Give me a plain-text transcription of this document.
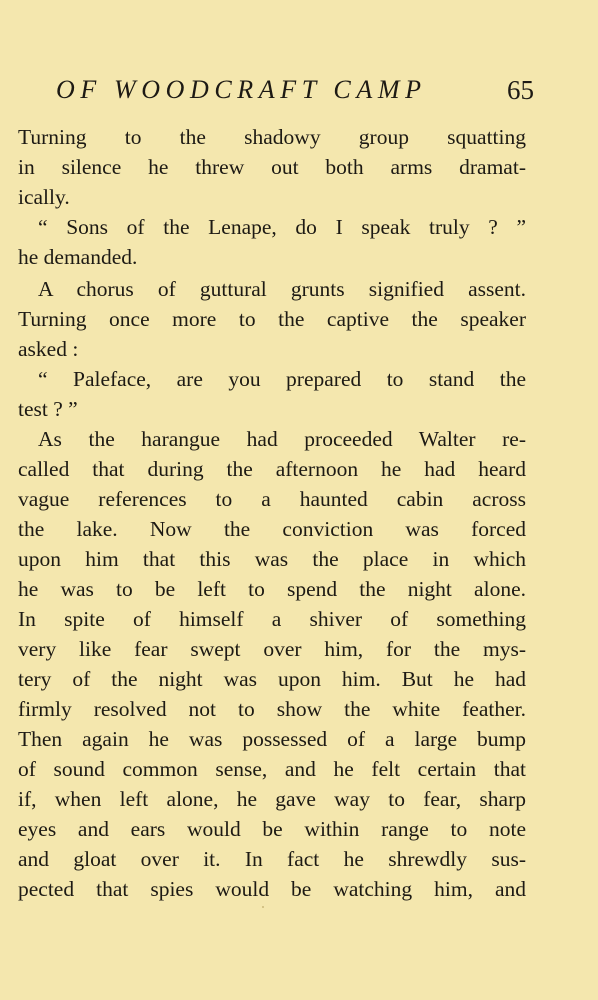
OF WOODCRAFT CAMP	65
Turning to the shadowy group squatting
in silence he threw out both arms dramat-
ically.
“ Sons of the Lenape, do I speak truly ? ”
he demanded.
A chorus of guttural grunts signified assent.
Turning once more to the captive the speaker
asked :
“ Paleface, are you prepared to stand the
test ? ”
As the harangue had proceeded Walter re-
called that during the afternoon he had heard
vague references to a haunted cabin across
the lake. Now the conviction was forced
upon him that this was the place in which
he was to be left to spend the night alone.
In spite of himself a shiver of something
very like fear swept over him, for the mys-
tery of the night was upon him. But he had
firmly resolved not to show the white feather.
Then again he was possessed of a large bump
of sound common sense, and he felt certain that
if, when left alone, he gave way to fear, sharp
eyes and ears would be within range to note
and gloat over it. In fact he shrewdly sus-
pected that spies would be watching him, and
